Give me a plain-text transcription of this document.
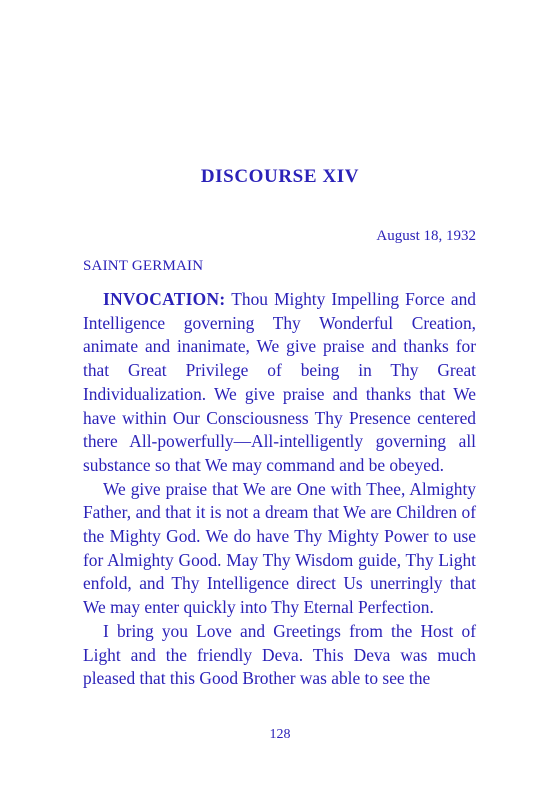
DISCOURSE XIV
August 18, 1932
SAINT GERMAIN

INVOCATION: Thou Mighty Impelling Force and Intelligence governing Thy Wonderful Creation, animate and inanimate, We give praise and thanks for that Great Privilege of being in Thy Great Individualization. We give praise and thanks that We have within Our Consciousness Thy Presence centered there All-powerfully—All-intelligently governing all substance so that We may command and be obeyed.

We give praise that We are One with Thee, Almighty Father, and that it is not a dream that We are Children of the Mighty God. We do have Thy Mighty Power to use for Almighty Good. May Thy Wisdom guide, Thy Light enfold, and Thy Intelligence direct Us unerringly that We may enter quickly into Thy Eternal Perfection.

I bring you Love and Greetings from the Host of Light and the friendly Deva. This Deva was much pleased that this Good Brother was able to see the

128
